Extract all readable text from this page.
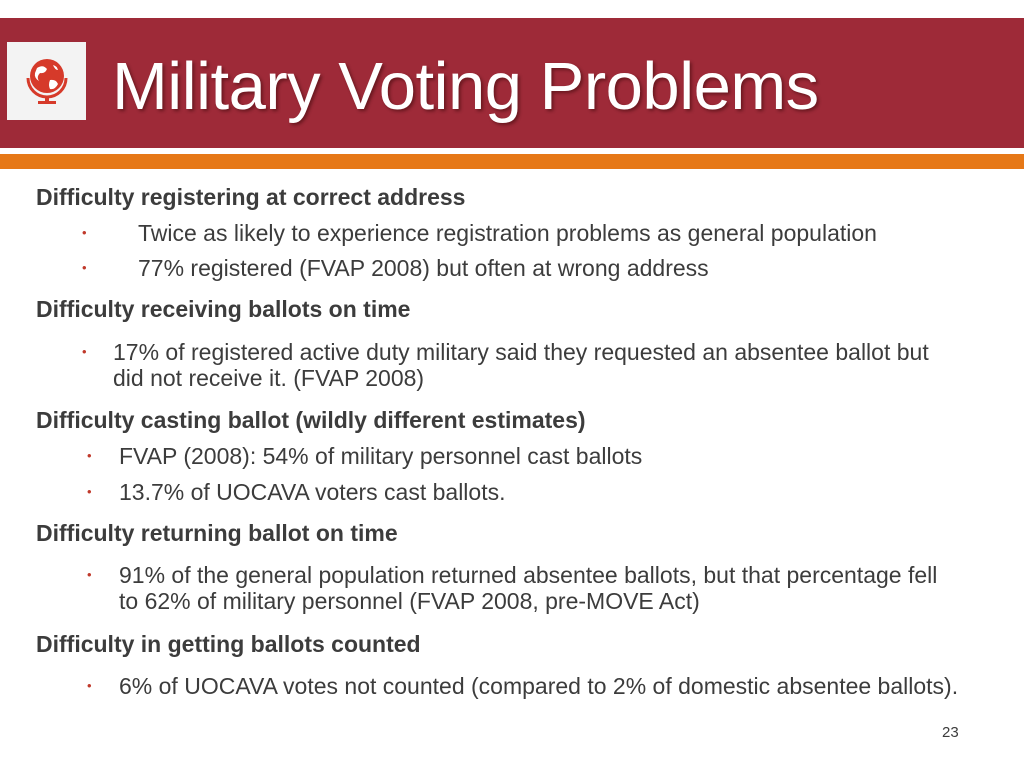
Military Voting Problems
Difficulty registering at correct address
• Twice as likely to experience registration problems as general population
• 77% registered (FVAP 2008) but often at wrong address
Difficulty receiving ballots on time
• 17% of registered active duty military said they requested an absentee ballot but did not receive it. (FVAP 2008)
Difficulty casting ballot (wildly different estimates)
• FVAP (2008): 54% of military personnel cast ballots
• 13.7% of UOCAVA voters cast ballots.
Difficulty returning ballot on time
• 91% of the general population returned absentee ballots, but that percentage fell to 62% of military personnel (FVAP 2008, pre-MOVE Act)
Difficulty in getting ballots counted
• 6% of UOCAVA votes not counted (compared to 2% of domestic absentee ballots).
23
